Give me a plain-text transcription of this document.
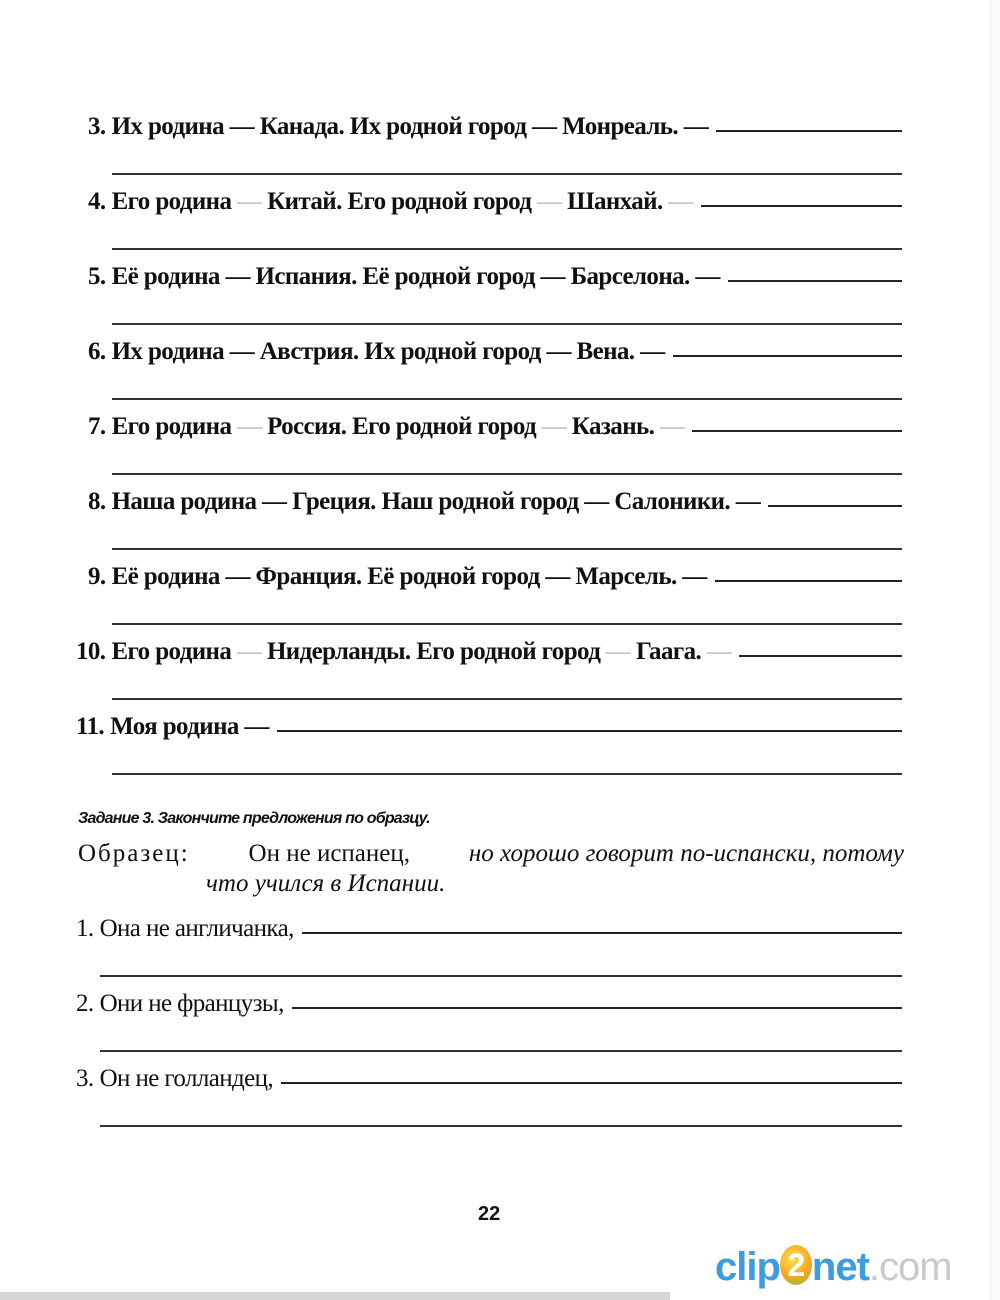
3. Их родина — Канада. Их родной город — Монреаль. —
4. Его родина — Китай. Его родной город — Шанхай. —
5. Её родина — Испания. Её родной город — Барселона. —
6. Их родина — Австрия. Их родной город — Вена. —
7. Его родина — Россия. Его родной город — Казань. —
8. Наша родина — Греция. Наш родной город — Салоники. —
9. Её родина — Франция. Её родной город — Марсель. —
10. Его родина — Нидерланды. Его родной город — Гаага. —
11. Моя родина —
Задание 3. Закончите предложения по образцу.
Образец: Он не испанец, но хорошо говорит по-испански, потому
что учился в Испании.
1. Она не англичанка,
2. Они не французы,
3. Он не голландец,
22
clip 2 net.com
